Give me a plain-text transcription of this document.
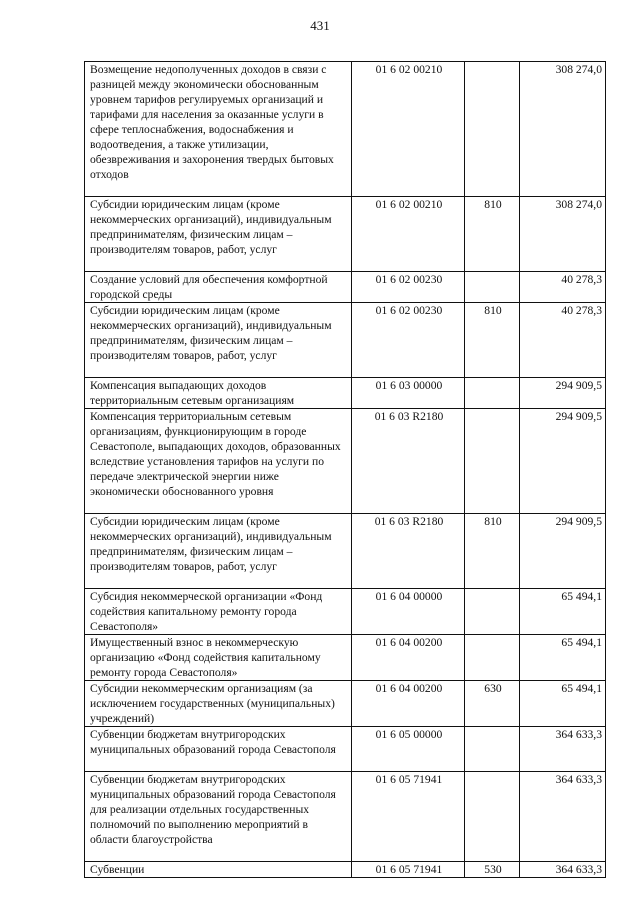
431
Возмещение недополученных доходов в связи с разницей между экономически обоснованным уровнем тарифов регулируемых организаций и тарифами для населения за оказанные услуги в сфере теплоснабжения, водоснабжения и водоотведения, а также утилизации, обезвреживания и захоронения твердых бытовых отходов	01 6 02 00210		308 274,0
Субсидии юридическим лицам (кроме некоммерческих организаций), индивидуальным предпринимателям, физическим лицам – производителям товаров, работ, услуг	01 6 02 00210	810	308 274,0
Создание условий для обеспечения комфортной городской среды	01 6 02 00230		40 278,3
Субсидии юридическим лицам (кроме некоммерческих организаций), индивидуальным предпринимателям, физическим лицам – производителям товаров, работ, услуг	01 6 02 00230	810	40 278,3
Компенсация выпадающих доходов территориальным сетевым организациям	01 6 03 00000		294 909,5
Компенсация территориальным сетевым организациям, функционирующим в городе Севастополе, выпадающих доходов, образованных вследствие установления тарифов на услуги по передаче электрической энергии ниже экономически обоснованного уровня	01 6 03 R2180		294 909,5
Субсидии юридическим лицам (кроме некоммерческих организаций), индивидуальным предпринимателям, физическим лицам – производителям товаров, работ, услуг	01 6 03 R2180	810	294 909,5
Субсидия некоммерческой организации «Фонд содействия капитальному ремонту города Севастополя»	01 6 04 00000		65 494,1
Имущественный взнос в некоммерческую организацию «Фонд содействия капитальному ремонту города Севастополя»	01 6 04 00200		65 494,1
Субсидии некоммерческим организациям (за исключением государственных (муниципальных) учреждений)	01 6 04 00200	630	65 494,1
Субвенции бюджетам внутригородских муниципальных образований города Севастополя	01 6 05 00000		364 633,3
Субвенции бюджетам внутригородских муниципальных образований города Севастополя для реализации отдельных государственных полномочий по выполнению мероприятий в области благоустройства	01 6 05 71941		364 633,3
Субвенции	01 6 05 71941	530	364 633,3
